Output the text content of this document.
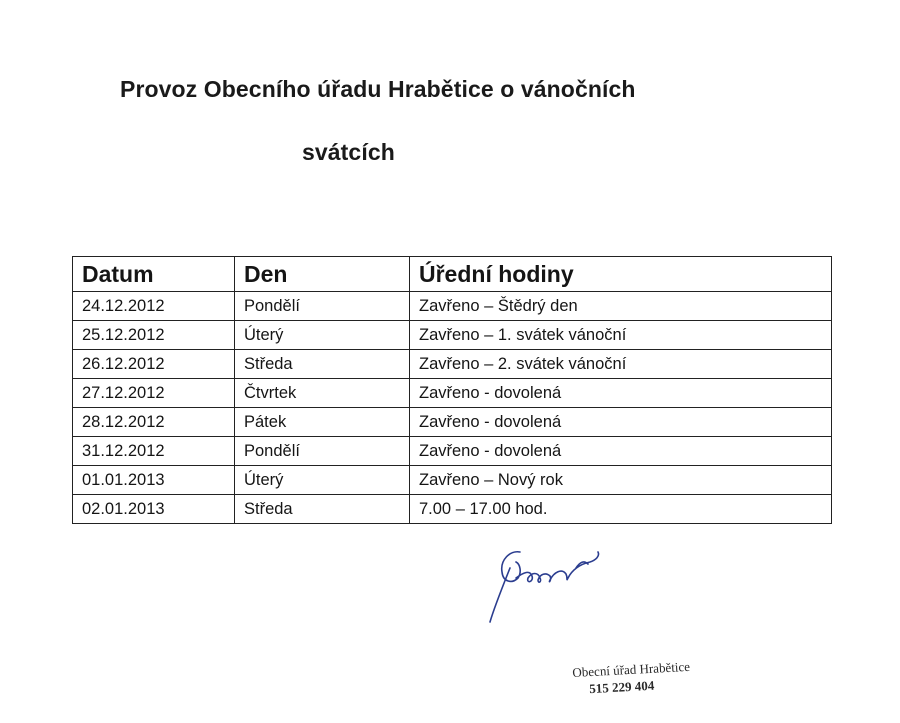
Provoz Obecního úřadu Hrabětice o vánočních
svátcích
Datum	Den	Úřední hodiny
24.12.2012	Pondělí	Zavřeno – Štědrý den
25.12.2012	Úterý	Zavřeno – 1. svátek vánoční
26.12.2012	Středa	Zavřeno – 2. svátek vánoční
27.12.2012	Čtvrtek	Zavřeno - dovolená
28.12.2012	Pátek	Zavřeno - dovolená
31.12.2012	Pondělí	Zavřeno - dovolená
01.01.2013	Úterý	Zavřeno – Nový rok
02.01.2013	Středa	7.00 – 17.00 hod.
Obecní úřad Hrabětice
515 229 404
